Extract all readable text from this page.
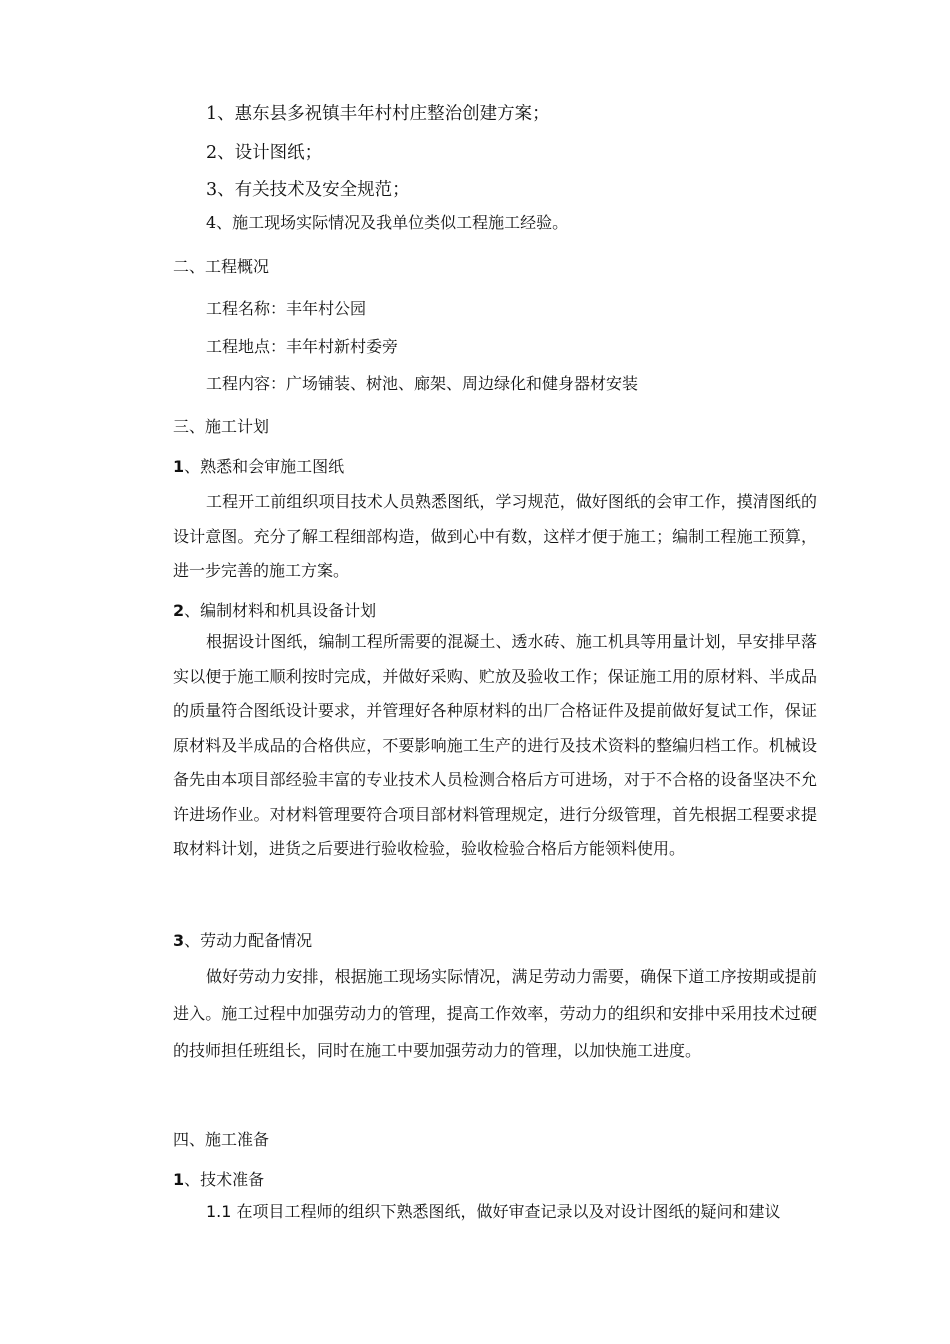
1、惠东县多祝镇丰年村村庄整治创建方案；
2、设计图纸；
3、有关技术及安全规范；
4、施工现场实际情况及我单位类似工程施工经验。
二、工程概况
工程名称：丰年村公园
工程地点：丰年村新村委旁
工程内容：广场铺装、树池、廊架、周边绿化和健身器材安装
三、施工计划
1、熟悉和会审施工图纸

工程开工前组织项目技术人员熟悉图纸，学习规范，做好图纸的会审工作，摸清图纸的设计意图。充分了解工程细部构造，做到心中有数，这样才便于施工；编制工程施工预算，进一步完善的施工方案。

2、编制材料和机具设备计划

根据设计图纸，编制工程所需要的混凝土、透水砖、施工机具等用量计划，早安排早落实以便于施工顺利按时完成，并做好采购、贮放及验收工作；保证施工用的原材料、半成品的质量符合图纸设计要求，并管理好各种原材料的出厂合格证件及提前做好复试工作，保证原材料及半成品的合格供应，不要影响施工生产的进行及技术资料的整编归档工作。机械设备先由本项目部经验丰富的专业技术人员检测合格后方可进场，对于不合格的设备坚决不允许进场作业。对材料管理要符合项目部材料管理规定，进行分级管理，首先根据工程要求提取材料计划，进货之后要进行验收检验，验收检验合格后方能领料使用。

3、劳动力配备情况

做好劳动力安排，根据施工现场实际情况，满足劳动力需要，确保下道工序按期或提前进入。施工过程中加强劳动力的管理，提高工作效率，劳动力的组织和安排中采用技术过硬的技师担任班组长，同时在施工中要加强劳动力的管理，以加快施工进度。

四、施工准备
1、技术准备

1.1 在项目工程师的组织下熟悉图纸，做好审查记录以及对设计图纸的疑问和建议
